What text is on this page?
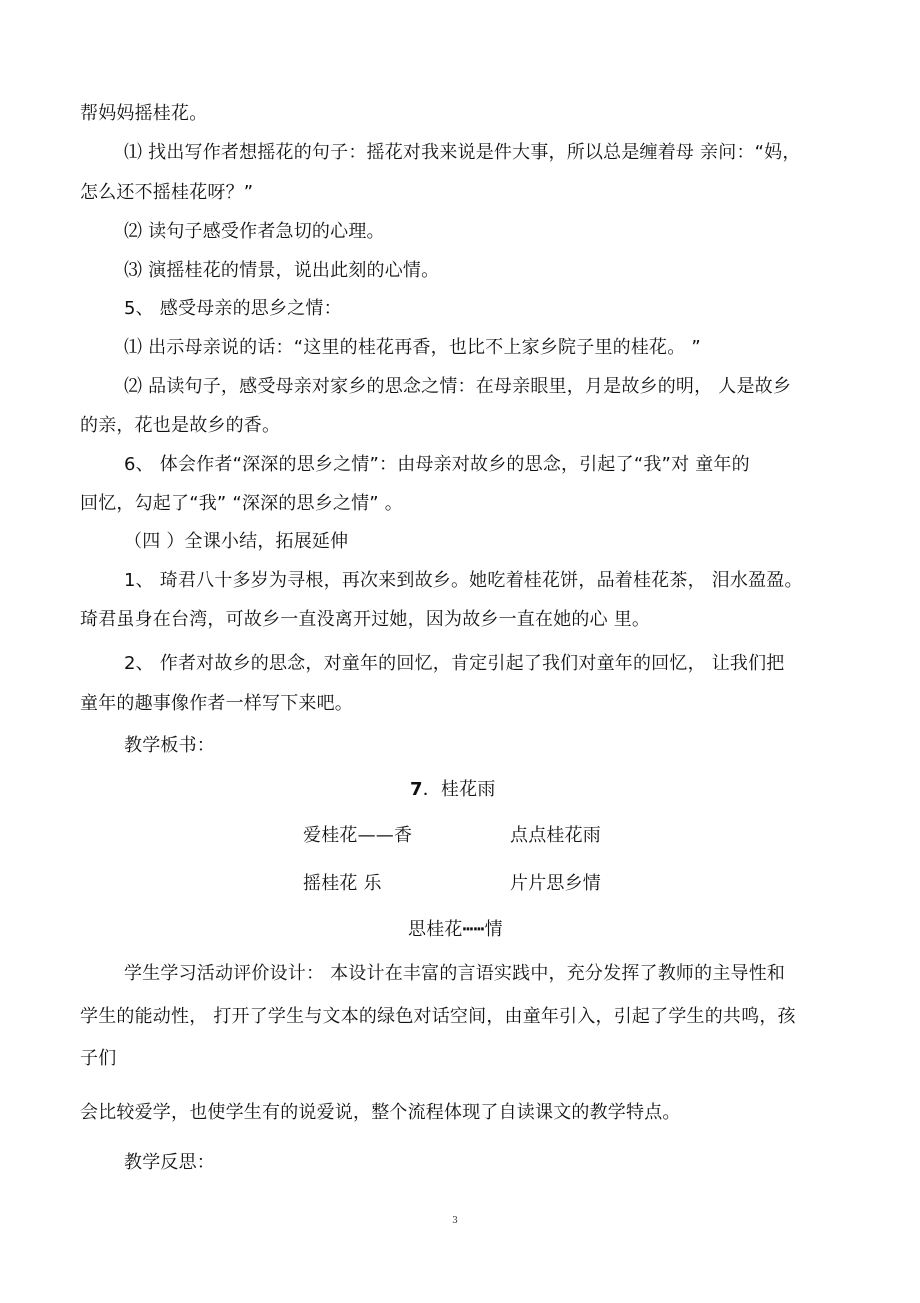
帮妈妈摇桂花。
⑴ 找出写作者想摇花的句子：摇花对我来说是件大事，所以总是缠着母 亲问：“妈，
怎么还不摇桂花呀？”
⑵ 读句子感受作者急切的心理。
⑶ 演摇桂花的情景，说出此刻的心情。
5、 感受母亲的思乡之情：
⑴ 出示母亲说的话：“这里的桂花再香，也比不上家乡院子里的桂花。 ”
⑵ 品读句子，感受母亲对家乡的思念之情：在母亲眼里，月是故乡的明， 人是故乡
的亲，花也是故乡的香。
6、 体会作者“深深的思乡之情”：由母亲对故乡的思念，引起了“我”对 童年的
回忆，勾起了“我” “深深的思乡之情” 。
（四 ）全课小结，拓展延伸
1、 琦君八十多岁为寻根，再次来到故乡。她吃着桂花饼，品着桂花茶， 泪水盈盈。
琦君虽身在台湾，可故乡一直没离开过她，因为故乡一直在她的心 里。
2、 作者对故乡的思念，对童年的回忆，肯定引起了我们对童年的回忆， 让我们把
童年的趣事像作者一样写下来吧。
教学板书：
7．桂花雨
爱桂花——香	点点桂花雨
摇桂花 乐	片片思乡情
思桂花┅┅情
学生学习活动评价设计： 本设计在丰富的言语实践中，充分发挥了教师的主导性和
学生的能动性， 打开了学生与文本的绿色对话空间，由童年引入，引起了学生的共鸣，孩
子们
会比较爱学，也使学生有的说爱说，整个流程体现了自读课文的教学特点。
教学反思：
3
